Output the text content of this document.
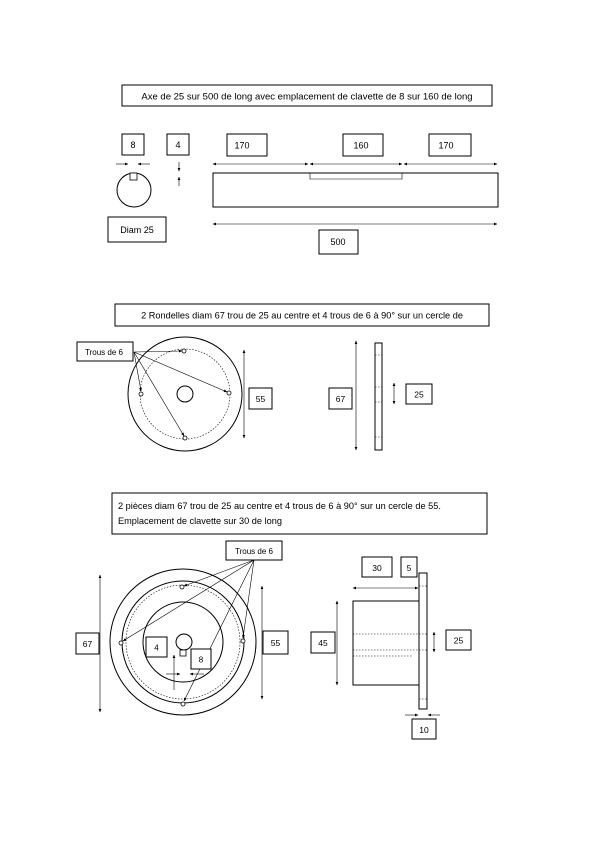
Axe de 25 sur 500 de long avec emplacement de clavette de 8 sur 160 de long
8	4
Diam 25
170	160	170
500
2 Rondelles diam 67 trou de 25 au centre et 4 trous de 6 à 90° sur un cercle de
Trous de 6
55	67	25
2 pièces diam 67 trou de 25 au centre et 4 trous de 6 à 90° sur un cercle de 55.
Emplacement de clavette sur 30 de long
Trous de 6
67	4
8
55
30	5
45	25
10
